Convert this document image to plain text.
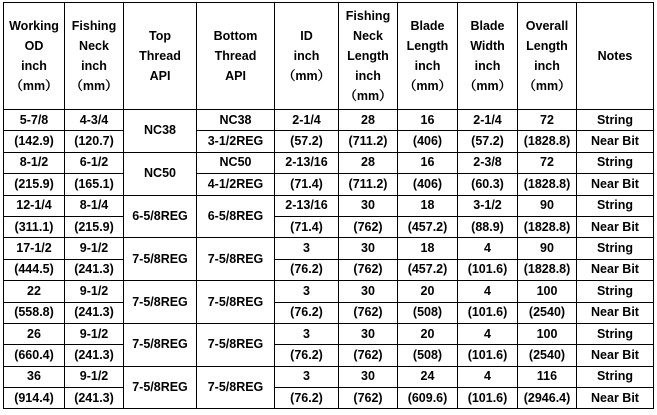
Working
OD
inch
（mm）	Fishing
Neck
inch
（mm）	Top
Thread
API	Bottom
Thread
API	ID
inch
（mm）	Fishing
Neck
Length
inch
（mm）	Blade
Length
inch
（mm）	Blade
Width
inch
（mm）	Overall
Length
inch
（mm）	Notes

5-7/8	4-3/4	NC38	NC38	2-1/4	28	16	2-1/4	72	String
(142.9)	(120.7)		3-1/2REG	(57.2)	(711.2)	(406)	(57.2)	(1828.8)	Near Bit
8-1/2	6-1/2	NC50	NC50	2-13/16	28	16	2-3/8	72	String
(215.9)	(165.1)		4-1/2REG	(71.4)	(711.2)	(406)	(60.3)	(1828.8)	Near Bit
12-1/4	8-1/4	6-5/8REG	6-5/8REG	2-13/16	30	18	3-1/2	90	String
(311.1)	(215.9)			(71.4)	(762)	(457.2)	(88.9)	(1828.8)	Near Bit
17-1/2	9-1/2	7-5/8REG	7-5/8REG	3	30	18	4	90	String
(444.5)	(241.3)			(76.2)	(762)	(457.2)	(101.6)	(1828.8)	Near Bit
22	9-1/2	7-5/8REG	7-5/8REG	3	30	20	4	100	String
(558.8)	(241.3)			(76.2)	(762)	(508)	(101.6)	(2540)	Near Bit
26	9-1/2	7-5/8REG	7-5/8REG	3	30	20	4	100	String
(660.4)	(241.3)			(76.2)	(762)	(508)	(101.6)	(2540)	Near Bit
36	9-1/2	7-5/8REG	7-5/8REG	3	30	24	4	116	String
(914.4)	(241.3)			(76.2)	(762)	(609.6)	(101.6)	(2946.4)	Near Bit
